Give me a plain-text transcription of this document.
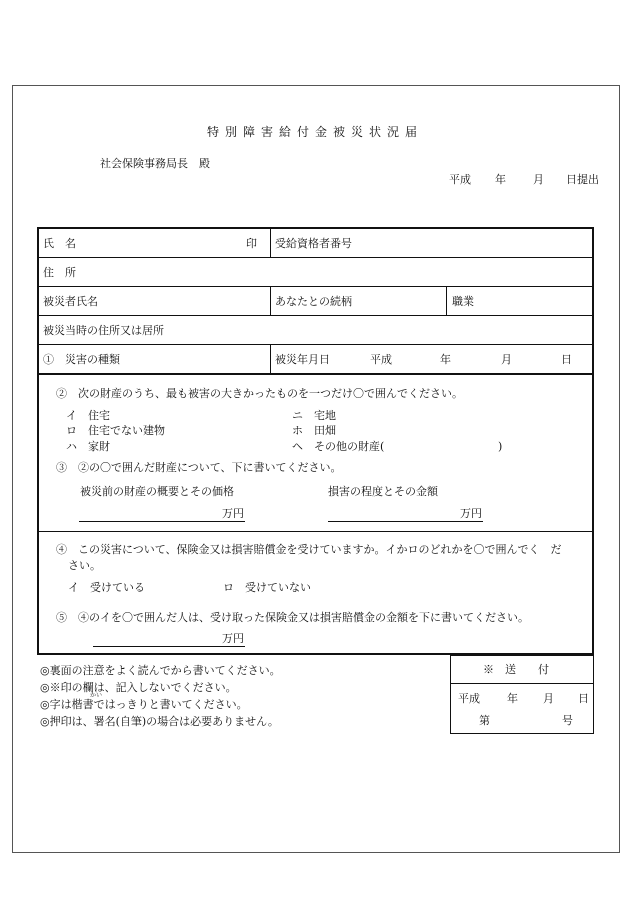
特別障害給付金被災状況届
社会保険事務局長　殿
平成 年 月 日提出
氏　名	印 受給資格者番号
住　所
被災者氏名	あなたとの続柄	職業
被災当時の住所又は居所
①　災害の種類	被災年月日	平成	年	月	日
②　次の財産のうち、最も被害の大きかったものを一つだけ〇で囲んでください。
イ　住宅
ロ　住宅でない建物
ハ　家財
ニ　宅地
ホ　田畑
ヘ　その他の財産(	)
③　②の〇で囲んだ財産について、下に書いてください。
被災前の財産の概要とその価格	損害の程度とその金額
万円	万円
④　この災害について、保険金又は損害賠償金を受けていますか。イかロのどれかを〇で囲んでく　だ
さい。
イ　受けている	ロ　受けていない
⑤　④のイを〇で囲んだ人は、受け取った保険金又は損害賠償金の金額を下に書いてください。
万円
◎裏面の注意をよく読んでから書いてください。
◎※印の欄は、記入しないでください。
かい
◎字は楷書ではっきりと書いてください。
◎押印は、署名(自筆)の場合は必要ありません。
※　送　　付
平成 年 月 日
第	号
